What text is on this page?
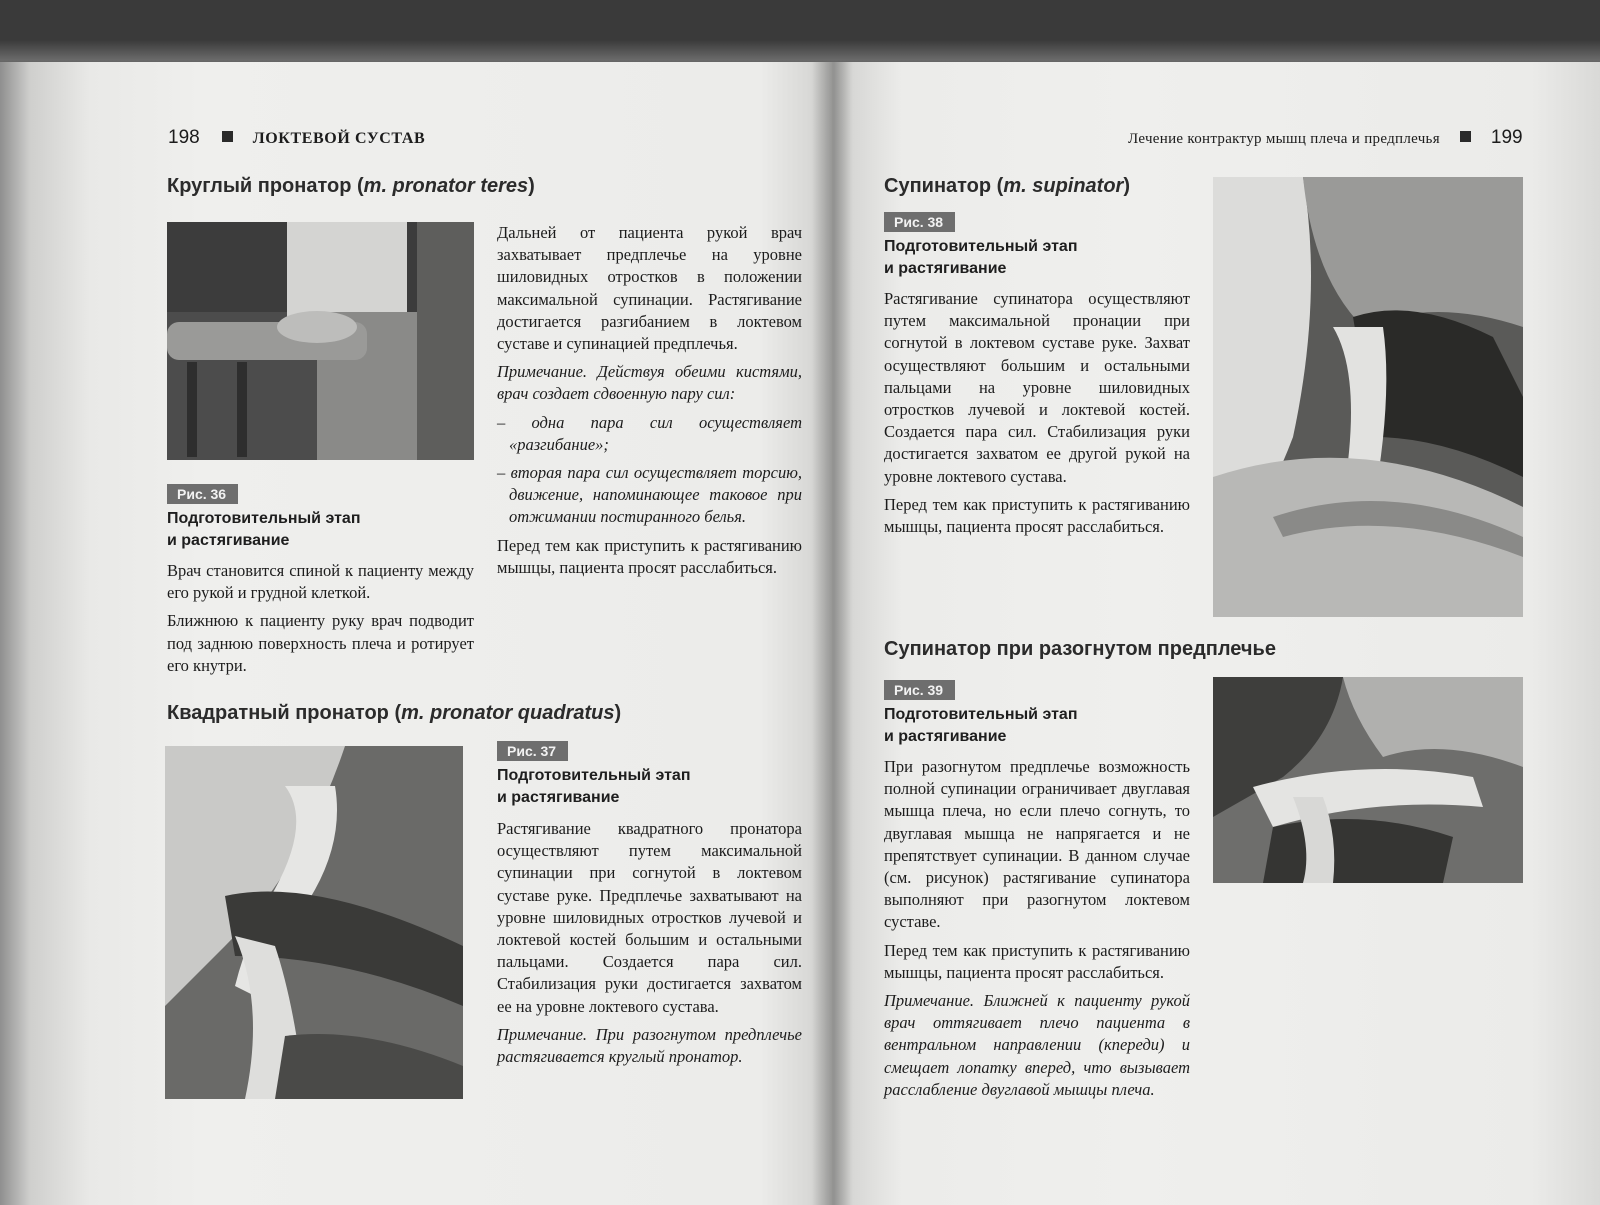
198	ЛОКТЕВОЙ СУСТАВ
Круглый пронатор (m. pronator teres)
Рис. 36
Подготовительный этап
и растягивание

Врач становится спиной к пациенту между его рукой и грудной клеткой.

Ближнюю к пациенту руку врач подводит под заднюю поверхность плеча и ротирует его кнутри.

Дальней от пациента рукой врач захватывает предплечье на уровне шиловидных отростков в положении максимальной супинации. Растягивание достигается разгибанием в локтевом суставе и супинацией предплечья.

Примечание. Действуя обеими кистями, врач создает сдвоенную пару сил:

– одна пара сил осуществляет «разгибание»;

– вторая пара сил осуществляет торсию, движение, напоминающее таковое при отжимании постиранного белья.

Перед тем как приступить к растягиванию мышцы, пациента просят расслабиться.

Квадратный пронатор (m. pronator quadratus)
Рис. 37
Подготовительный этап
и растягивание

Растягивание квадратного пронатора осуществляют путем максимальной супинации при согнутой в локтевом суставе руке. Предплечье захватывают на уровне шиловидных отростков лучевой и локтевой костей большим и остальными пальцами. Создается пара сил. Стабилизация руки достигается захватом ее на уровне локтевого сустава.

Примечание. При разогнутом предплечье растягивается круглый пронатор.

Лечение контрактур мышц плеча и предплечья	199
Супинатор (m. supinator)
Рис. 38
Подготовительный этап
и растягивание

Растягивание супинатора осуществляют путем максимальной пронации при согнутой в локтевом суставе руке. Захват осуществляют большим и остальными пальцами на уровне шиловидных отростков лучевой и локтевой костей. Создается пара сил. Стабилизация руки достигается захватом ее другой рукой на уровне локтевого сустава.

Перед тем как приступить к растягиванию мышцы, пациента просят расслабиться.

Супинатор при разогнутом предплечье
Рис. 39
Подготовительный этап
и растягивание

При разогнутом предплечье возможность полной супинации ограничивает двуглавая мышца плеча, но если плечо согнуть, то двуглавая мышца не напрягается и не препятствует супинации. В данном случае (см. рисунок) растягивание супинатора выполняют при разогнутом локтевом суставе.

Перед тем как приступить к растягиванию мышцы, пациента просят расслабиться.

Примечание. Ближней к пациенту рукой врач оттягивает плечо пациента в вентральном направлении (кпереди) и смещает лопатку вперед, что вызывает расслабление двуглавой мышцы плеча.
